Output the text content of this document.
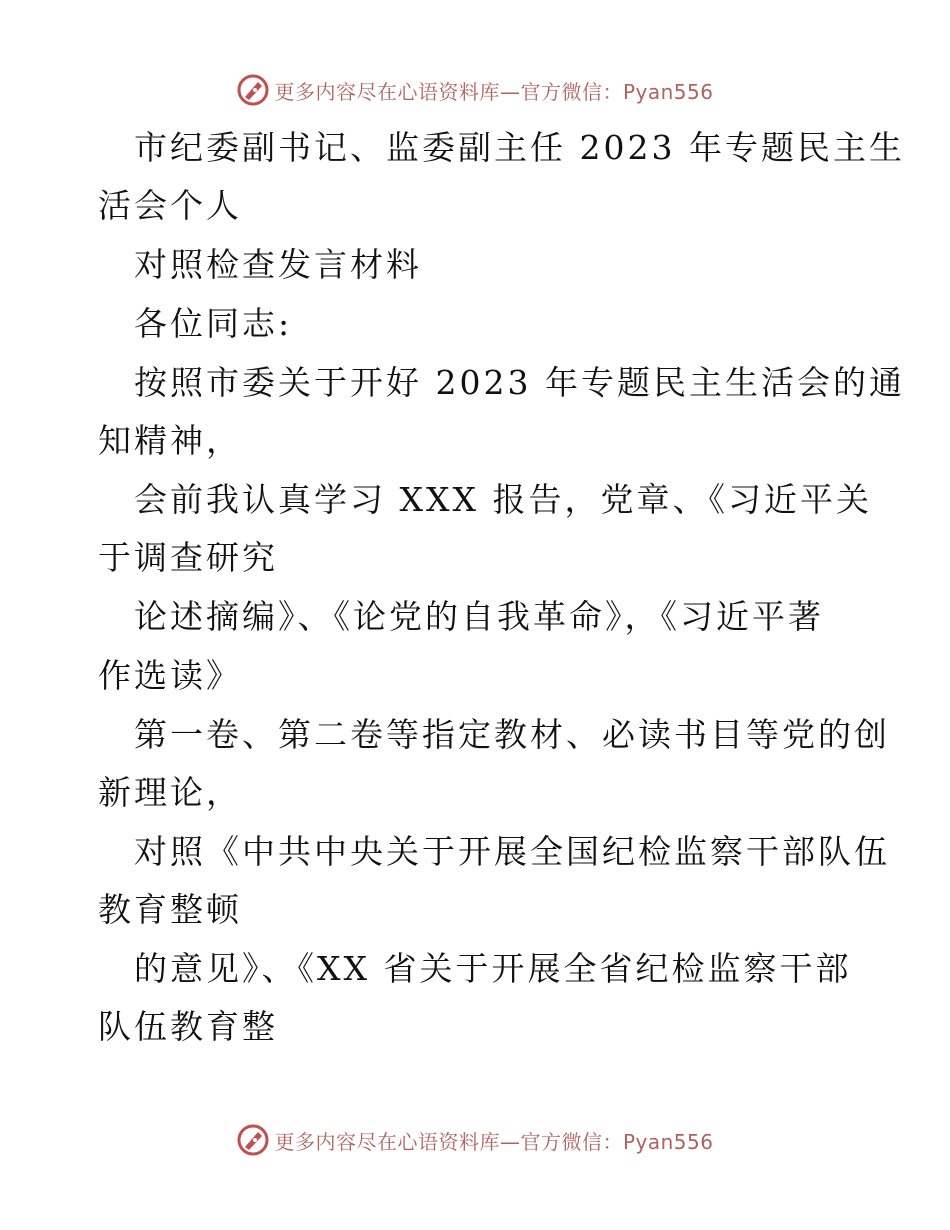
更多内容尽在心语资料库—官方微信：Pyan556
市纪委副书记、监委副主任 2023 年专题民主生
活会个人
对照检查发言材料
各位同志:
按照市委关于开好 2023 年专题民主生活会的通
知精神，
会前我认真学习 XXX 报告，党章、《习近平关
于调查研究
论述摘编》、《论党的自我革命》，《习近平著
作选读》
第一卷、第二卷等指定教材、必读书目等党的创
新理论，
对照《中共中央关于开展全国纪检监察干部队伍
教育整顿
的意见》、《XX 省关于开展全省纪检监察干部
队伍教育整
更多内容尽在心语资料库—官方微信：Pyan556
